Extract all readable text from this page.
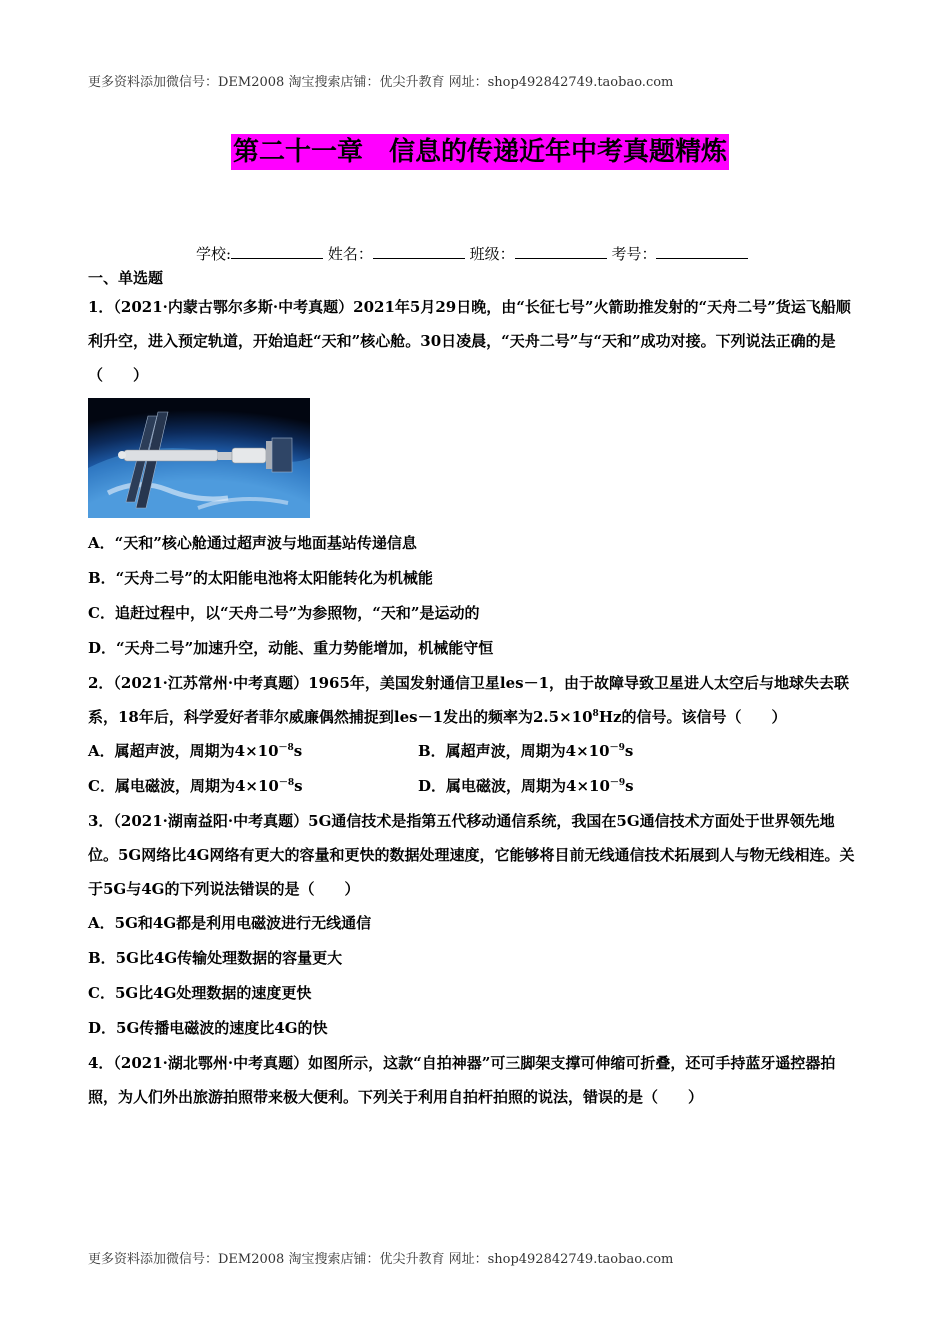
更多资料添加微信号：DEM2008 淘宝搜索店铺：优尖升教育 网址：shop492842749.taobao.com
第二十一章　信息的传递近年中考真题精炼
学校:	姓名：	班级：	考号：

一、单选题

1．（2021·内蒙古鄂尔多斯·中考真题）2021年5月29日晚，由“长征七号”火箭助推发射的“天舟二号”货运飞船顺利升空，进入预定轨道，开始追赶“天和”核心舱。30日凌晨，“天舟二号”与“天和”成功对接。下列说法正确的是（　　）

A．“天和”核心舱通过超声波与地面基站传递信息

B．“天舟二号”的太阳能电池将太阳能转化为机械能

C．追赶过程中，以“天舟二号”为参照物，“天和”是运动的

D．“天舟二号”加速升空，动能、重力势能增加，机械能守恒

2．（2021·江苏常州·中考真题）1965年，美国发射通信卫星les－1，由于故障导致卫星进人太空后与地球失去联系，18年后，科学爱好者菲尔威廉偶然捕捉到les－1发出的频率为$2.5\times 10^8Hz$的信号。该信号（　　）

A．属超声波，周期为$4\times 10^{-8}s$	B．属超声波，周期为$4\times 10^{-9}s$
C．属电磁波，周期为$4\times 10^{-8}s$	D．属电磁波，周期为$4\times 10^{-9}s$

3．（2021·湖南益阳·中考真题）5G通信技术是指第五代移动通信系统，我国在5G通信技术方面处于世界领先地位。5G网络比4G网络有更大的容量和更快的数据处理速度，它能够将目前无线通信技术拓展到人与物无线相连。关于5G与4G的下列说法错误的是（　　）

A．5G和4G都是利用电磁波进行无线通信

B．5G比4G传输处理数据的容量更大

C．5G比4G处理数据的速度更快

D．5G传播电磁波的速度比4G的快

4．（2021·湖北鄂州·中考真题）如图所示，这款“自拍神器”可三脚架支撑可伸缩可折叠，还可手持蓝牙遥控器拍照，为人们外出旅游拍照带来极大便利。下列关于利用自拍杆拍照的说法，错误的是（　　）

更多资料添加微信号：DEM2008 淘宝搜索店铺：优尖升教育 网址：shop492842749.taobao.com
